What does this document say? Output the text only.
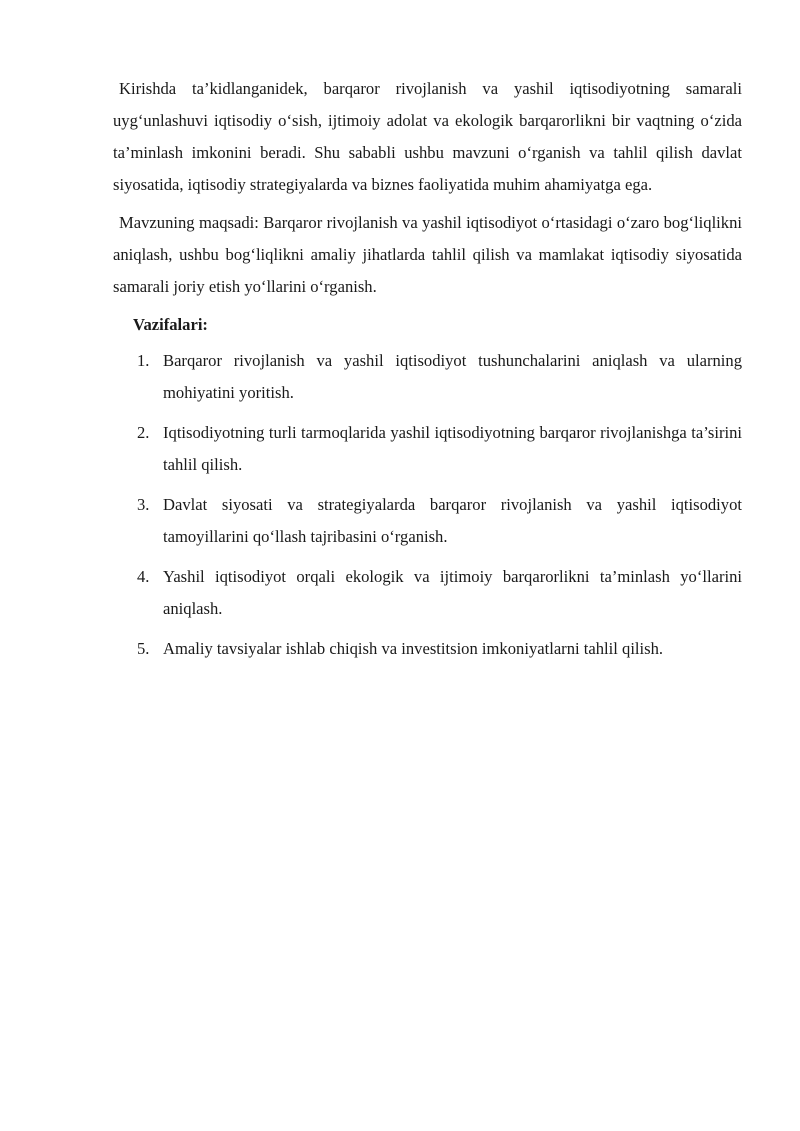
Kirishda ta’kidlanganidek, barqaror rivojlanish va yashil iqtisodiyotning samarali uyg‘unlashuvi iqtisodiy o‘sish, ijtimoiy adolat va ekologik barqarorlikni bir vaqtning o‘zida ta’minlash imkonini beradi. Shu sababli ushbu mavzuni o‘rganish va tahlil qilish davlat siyosatida, iqtisodiy strategiyalarda va biznes faoliyatida muhim ahamiyatga ega.

Mavzuning maqsadi: Barqaror rivojlanish va yashil iqtisodiyot o‘rtasidagi o‘zaro bog‘liqlikni aniqlash, ushbu bog‘liqlikni amaliy jihatlarda tahlil qilish va mamlakat iqtisodiy siyosatida samarali joriy etish yo‘llarini o‘rganish.

Vazifalari:
1. Barqaror rivojlanish va yashil iqtisodiyot tushunchalarini aniqlash va ularning mohiyatini yoritish.
2. Iqtisodiyotning turli tarmoqlarida yashil iqtisodiyotning barqaror rivojlanishga ta’sirini tahlil qilish.
3. Davlat siyosati va strategiyalarda barqaror rivojlanish va yashil iqtisodiyot tamoyillarini qo‘llash tajribasini o‘rganish.
4. Yashil iqtisodiyot orqali ekologik va ijtimoiy barqarorlikni ta’minlash yo‘llarini aniqlash.
5. Amaliy tavsiyalar ishlab chiqish va investitsion imkoniyatlarni tahlil qilish.
